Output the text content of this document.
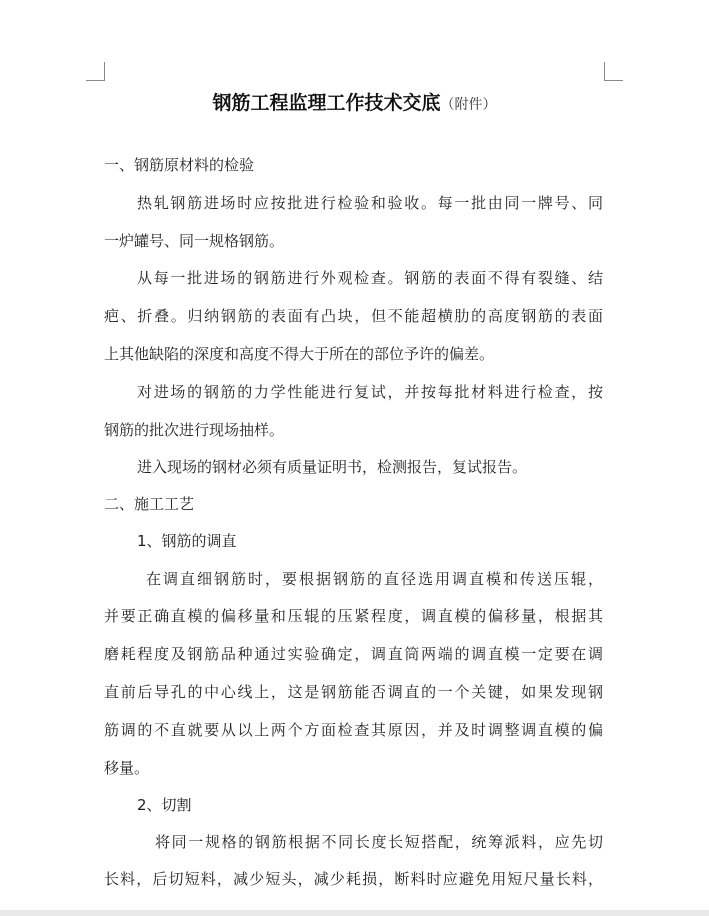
钢筋工程监理工作技术交底（附件）
一、钢筋原材料的检验
热轧钢筋进场时应按批进行检验和验收。每一批由同一牌号、同
一炉罐号、同一规格钢筋。
从每一批进场的钢筋进行外观检查。钢筋的表面不得有裂缝、结
疤、折叠。归纳钢筋的表面有凸块，但不能超横肋的高度钢筋的表面
上其他缺陷的深度和高度不得大于所在的部位予许的偏差。
对进场的钢筋的力学性能进行复试，并按每批材料进行检查，按
钢筋的批次进行现场抽样。
进入现场的钢材必须有质量证明书，检测报告，复试报告。
二、施工工艺
1、钢筋的调直
在调直细钢筋时，要根据钢筋的直径选用调直模和传送压辊，
并要正确直模的偏移量和压辊的压紧程度，调直模的偏移量，根据其
磨耗程度及钢筋品种通过实验确定，调直筒两端的调直模一定要在调
直前后导孔的中心线上，这是钢筋能否调直的一个关键，如果发现钢
筋调的不直就要从以上两个方面检查其原因，并及时调整调直模的偏
移量。
2、切割
将同一规格的钢筋根据不同长度长短搭配，统筹派料，应先切
长料，后切短料，减少短头，减少耗损，断料时应避免用短尺量长料，
